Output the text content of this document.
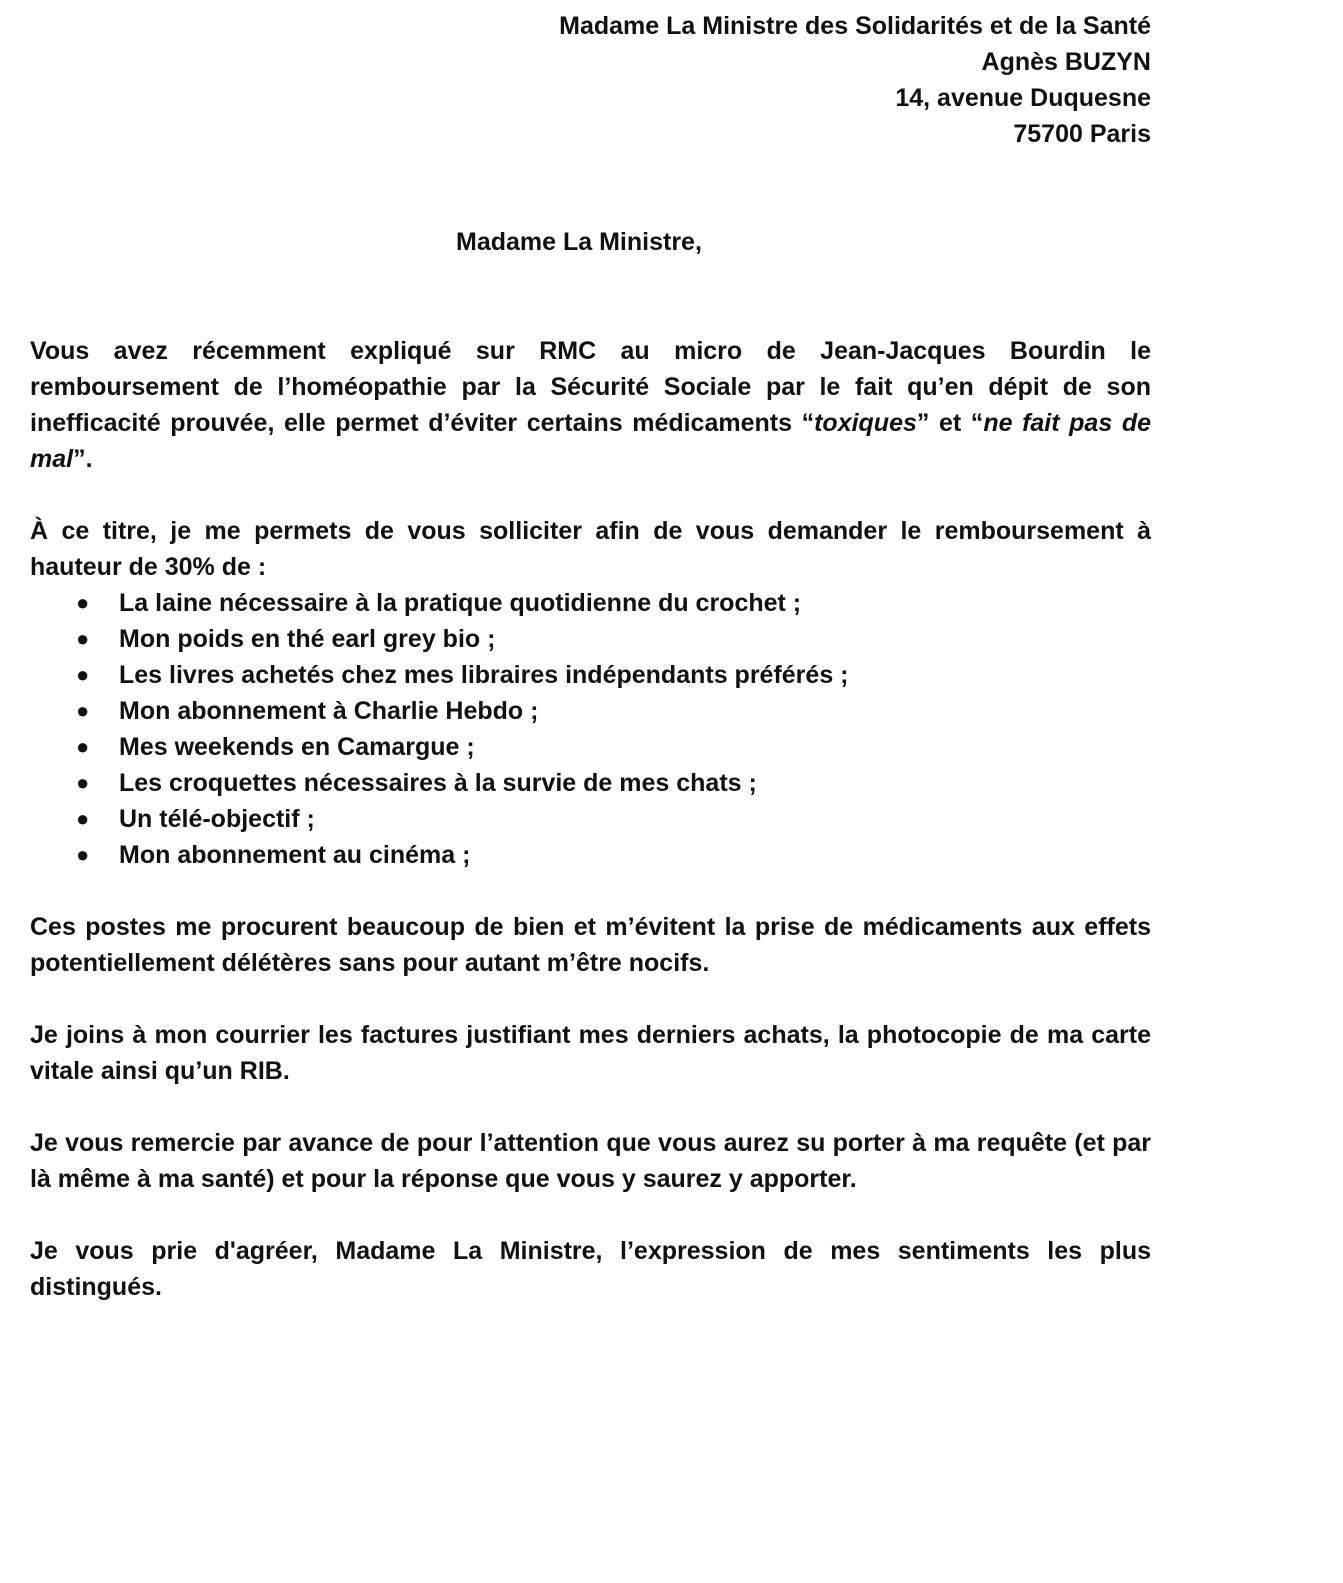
Madame La Ministre des Solidarités et de la Santé
Agnès BUZYN
14, avenue Duquesne
75700 Paris
Madame La Ministre,

Vous avez récemment expliqué sur RMC au micro de Jean-Jacques Bourdin le remboursement de l’homéopathie par la Sécurité Sociale par le fait qu’en dépit de son inefficacité prouvée, elle permet d’éviter certains médicaments “toxiques” et “ne fait pas de mal”.

À ce titre, je me permets de vous solliciter afin de vous demander le remboursement à hauteur de 30% de :

● La laine nécessaire à la pratique quotidienne du crochet ;
● Mon poids en thé earl grey bio ;
● Les livres achetés chez mes libraires indépendants préférés ;
● Mon abonnement à Charlie Hebdo ;
● Mes weekends en Camargue ;
● Les croquettes nécessaires à la survie de mes chats ;
● Un télé-objectif ;
● Mon abonnement au cinéma ;

Ces postes me procurent beaucoup de bien et m’évitent la prise de médicaments aux effets potentiellement délétères sans pour autant m’être nocifs.

Je joins à mon courrier les factures justifiant mes derniers achats, la photocopie de ma carte vitale ainsi qu’un RIB.

Je vous remercie par avance de pour l’attention que vous aurez su porter à ma requête (et par là même à ma santé) et pour la réponse que vous y saurez y apporter.

Je vous prie d'agréer, Madame La Ministre, l’expression de mes sentiments les plus distingués.
